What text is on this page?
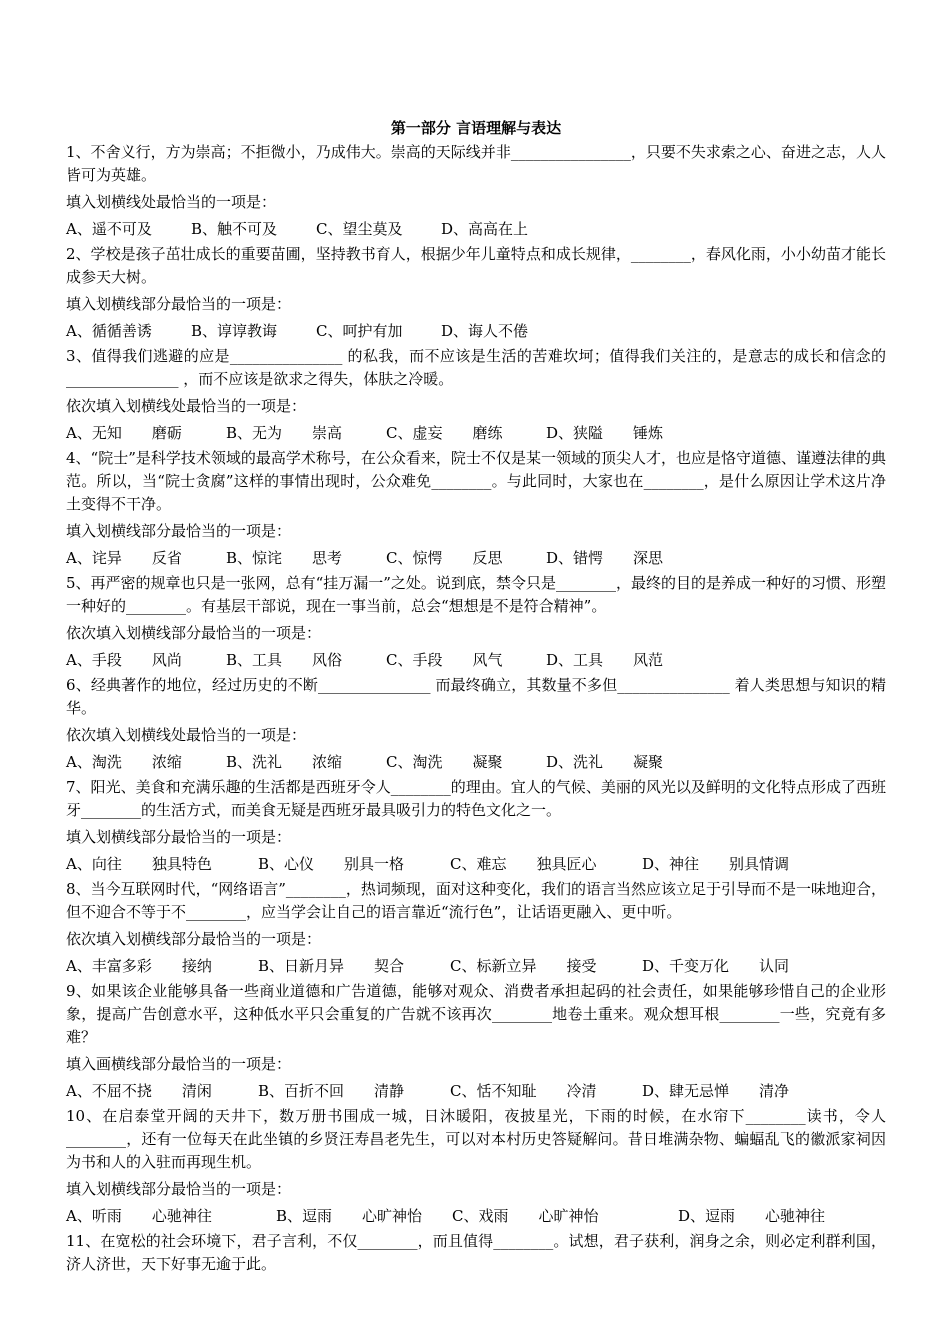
第一部分 言语理解与表达

1、不舍义行，方为崇高；不拒微小，乃成伟大。崇高的天际线并非________________，只要不失求索之心、奋进之志，人人皆可为英雄。

填入划横线处最恰当的一项是：

A、遥不可及	B、触不可及	C、望尘莫及	D、高高在上

2、学校是孩子茁壮成长的重要苗圃，坚持教书育人，根据少年儿童特点和成长规律，________，春风化雨，小小幼苗才能长成参天大树。

填入划横线部分最恰当的一项是：

A、循循善诱	B、谆谆教诲	C、呵护有加	D、诲人不倦

3、值得我们逃避的应是_______________ 的私我，而不应该是生活的苦难坎坷；值得我们关注的，是意志的成长和信念的_______________ ，而不应该是欲求之得失，体肤之冷暖。

依次填入划横线处最恰当的一项是：

A、无知　　磨砺	B、无为　　崇高	C、虚妄　　磨练	D、狭隘　　锤炼

4、“院士”是科学技术领域的最高学术称号，在公众看来，院士不仅是某一领域的顶尖人才，也应是恪守道德、谨遵法律的典范。所以，当“院士贪腐”这样的事情出现时，公众难免________。与此同时，大家也在________，是什么原因让学术这片净土变得不干净。

填入划横线部分最恰当的一项是：

A、诧异　　反省	B、惊诧　　思考	C、惊愕　　反思	D、错愕　　深思

5、再严密的规章也只是一张网，总有“挂万漏一”之处。说到底，禁令只是________，最终的目的是养成一种好的习惯、形塑一种好的________。有基层干部说，现在一事当前，总会“想想是不是符合精神”。

依次填入划横线部分最恰当的一项是：

A、手段　　风尚	B、工具　　风俗	C、手段　　风气	D、工具　　风范

6、经典著作的地位，经过历史的不断_______________ 而最终确立，其数量不多但_______________ 着人类思想与知识的精华。

依次填入划横线处最恰当的一项是：

A、淘洗　　浓缩	B、洗礼　　浓缩	C、淘洗　　凝聚	D、洗礼　　凝聚

7、阳光、美食和充满乐趣的生活都是西班牙令人________的理由。宜人的气候、美丽的风光以及鲜明的文化特点形成了西班牙________的生活方式，而美食无疑是西班牙最具吸引力的特色文化之一。

填入划横线部分最恰当的一项是：

A、向往　　独具特色	B、心仪　　别具一格	C、难忘　　独具匠心	D、神往　　别具情调

8、当今互联网时代，“网络语言”________，热词频现，面对这种变化，我们的语言当然应该立足于引导而不是一味地迎合，但不迎合不等于不________，应当学会让自己的语言靠近“流行色”，让话语更融入、更中听。

依次填入划横线部分最恰当的一项是：

A、丰富多彩　　接纳	B、日新月异　　契合	C、标新立异　　接受	D、千变万化　　认同

9、如果该企业能够具备一些商业道德和广告道德，能够对观众、消费者承担起码的社会责任，如果能够珍惜自己的企业形象，提高广告创意水平，这种低水平只会重复的广告就不该再次________地卷土重来。观众想耳根________一些，究竟有多难？

填入画横线部分最恰当的一项是：

A、不屈不挠　　清闲	B、百折不回　　清静	C、恬不知耻　　冷清	D、肆无忌惮　　清净

10、在启泰堂开阔的天井下，数万册书围成一城，日沐暖阳，夜披星光，下雨的时候，在水帘下________读书，令人________，还有一位每天在此坐镇的乡贤汪寿昌老先生，可以对本村历史答疑解问。昔日堆满杂物、蝙蝠乱飞的徽派家祠因为书和人的入驻而再现生机。

填入划横线部分最恰当的一项是：

A、听雨　　心驰神往	B、逗雨　　心旷神怡 C、戏雨　　心旷神怡	D、逗雨　　心驰神往

11、在宽松的社会环境下，君子言利，不仅________，而且值得________。试想，君子获利，润身之余，则必定利群利国，济人济世，天下好事无逾于此。
